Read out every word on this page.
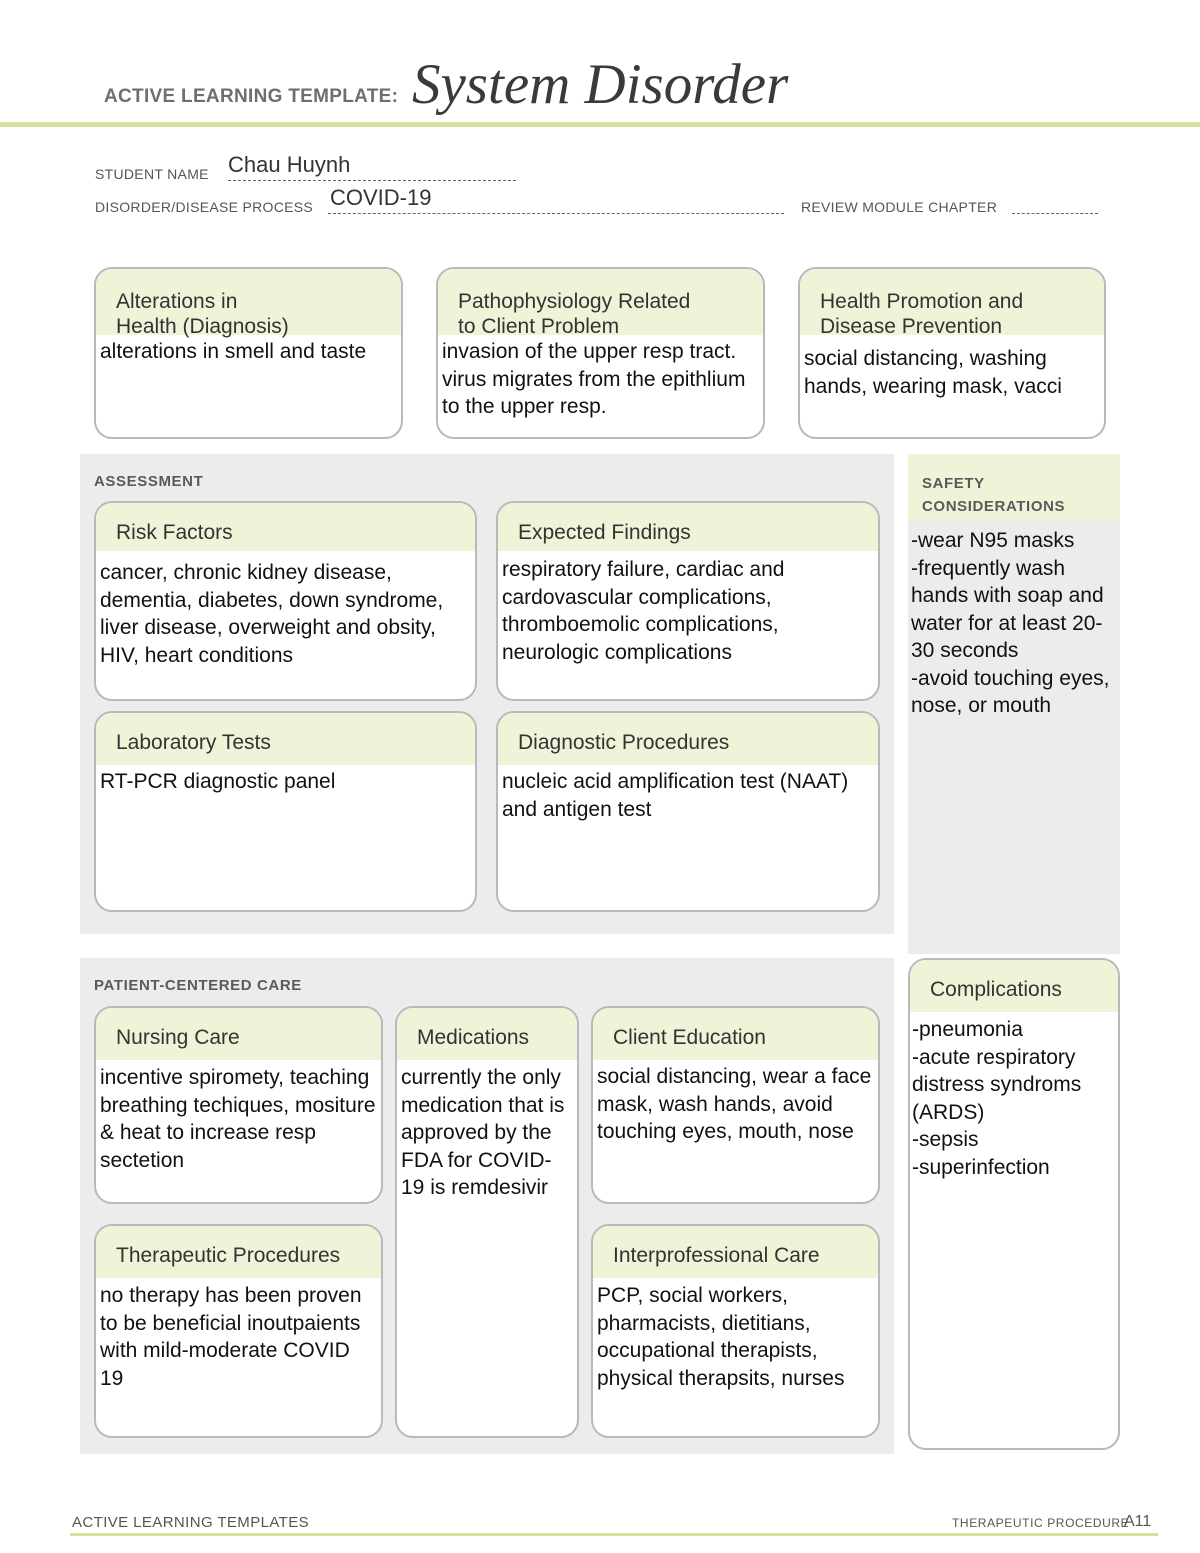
ACTIVE LEARNING TEMPLATE: System Disorder
STUDENT NAME Chau Huynh
DISORDER/DISEASE PROCESS COVID-19	REVIEW MODULE CHAPTER
Alterations in
Health (Diagnosis)
alterations in smell and taste
Pathophysiology Related
to Client Problem
invasion of the upper resp tract. virus migrates from the epithlium to the upper resp.
Health Promotion and
Disease Prevention
social distancing, washing hands, wearing mask, vacci
ASSESSMENT
Risk Factors
cancer, chronic kidney disease, dementia, diabetes, down syndrome, liver disease, overweight and obsity, HIV, heart conditions
Expected Findings
respiratory failure, cardiac and cardovascular complications, thromboemolic complications, neurologic complications
Laboratory Tests
RT-PCR diagnostic panel
Diagnostic Procedures
nucleic acid amplification test (NAAT) and antigen test
SAFETY
CONSIDERATIONS
-wear N95 masks
-frequently wash hands with soap and water for at least 20-30 seconds
-avoid touching eyes, nose, or mouth
PATIENT-CENTERED CARE
Nursing Care
incentive spiromety, teaching breathing techiques, mositure & heat to increase resp sectetion
Medications
currently the only medication that is approved by the FDA for COVID-19 is remdesivir
Client Education
social distancing, wear a face mask, wash hands, avoid touching eyes, mouth, nose
Therapeutic Procedures
no therapy has been proven to be beneficial inoutpaients with mild-moderate COVID 19
Interprofessional Care
PCP, social workers, pharmacists, dietitians, occupational therapists, physical therapsits, nurses
Complications
-pneumonia
-acute respiratory distress syndroms (ARDS)
-sepsis
-superinfection
ACTIVE LEARNING TEMPLATES	THERAPEUTIC PROCEDURE
A11
